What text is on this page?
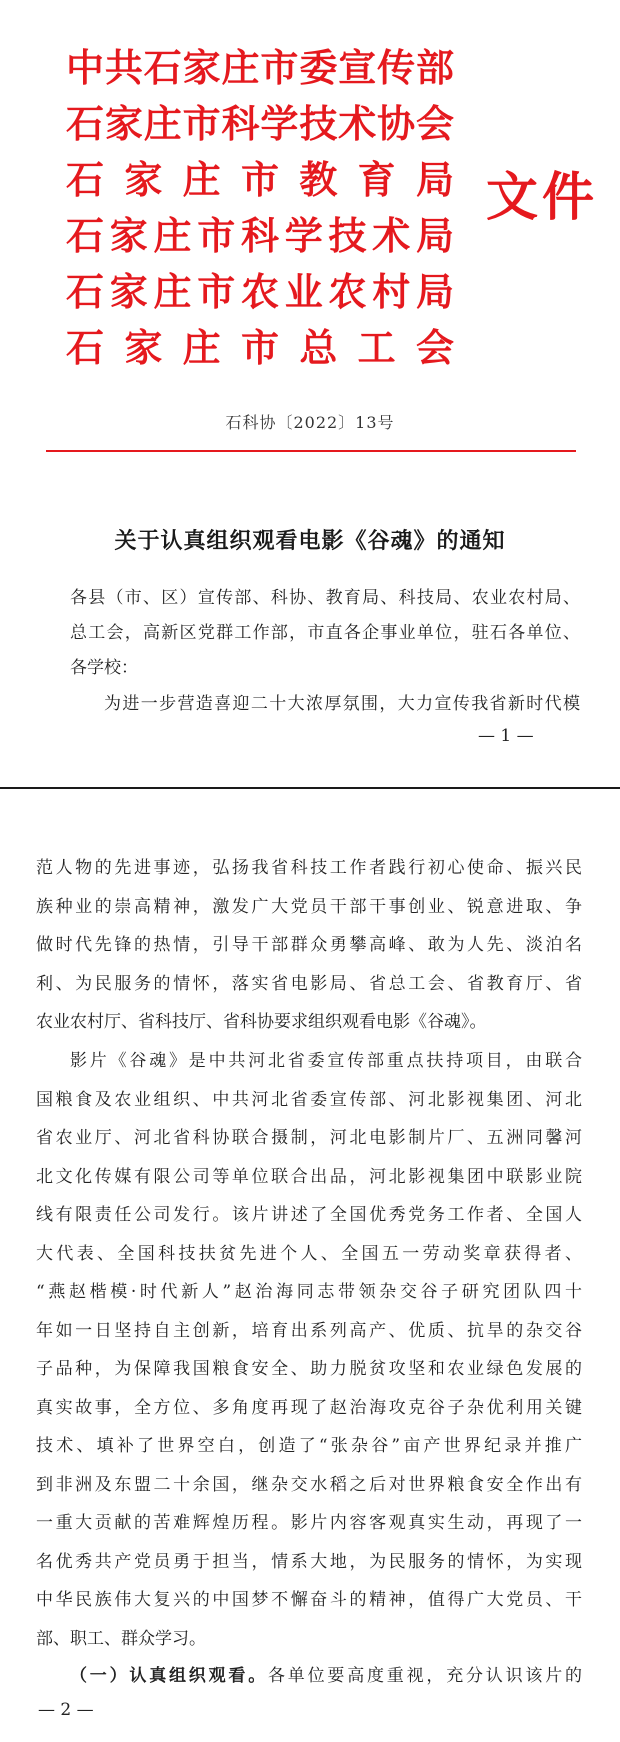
中共石家庄市委宣传部
石家庄市科学技术协会
石家庄市教育局
石家庄市科学技术局
石家庄市农业农村局
石家庄市总工会
文件
石科协〔2022〕13号
关于认真组织观看电影《谷魂》的通知
各县（市、区）宣传部、科协、教育局、科技局、农业农村局、
总工会，高新区党群工作部，市直各企事业单位，驻石各单位、
各学校：
为进一步营造喜迎二十大浓厚氛围，大力宣传我省新时代模
— 1 —
范人物的先进事迹，弘扬我省科技工作者践行初心使命、振兴民
族种业的崇高精神，激发广大党员干部干事创业、锐意进取、争
做时代先锋的热情，引导干部群众勇攀高峰、敢为人先、淡泊名
利、为民服务的情怀，落实省电影局、省总工会、省教育厅、省
农业农村厅、省科技厅、省科协要求组织观看电影《谷魂》。
影片《谷魂》是中共河北省委宣传部重点扶持项目，由联合
国粮食及农业组织、中共河北省委宣传部、河北影视集团、河北
省农业厅、河北省科协联合摄制，河北电影制片厂、五洲同馨河
北文化传媒有限公司等单位联合出品，河北影视集团中联影业院
线有限责任公司发行。该片讲述了全国优秀党务工作者、全国人
大代表、全国科技扶贫先进个人、全国五一劳动奖章获得者、
“燕赵楷模·时代新人”赵治海同志带领杂交谷子研究团队四十
年如一日坚持自主创新，培育出系列高产、优质、抗旱的杂交谷
子品种，为保障我国粮食安全、助力脱贫攻坚和农业绿色发展的
真实故事，全方位、多角度再现了赵治海攻克谷子杂优利用关键
技术、填补了世界空白，创造了“张杂谷”亩产世界纪录并推广
到非洲及东盟二十余国，继杂交水稻之后对世界粮食安全作出有
一重大贡献的苦难辉煌历程。影片内容客观真实生动，再现了一
名优秀共产党员勇于担当，情系大地，为民服务的情怀，为实现
中华民族伟大复兴的中国梦不懈奋斗的精神，值得广大党员、干
部、职工、群众学习。
（一）认真组织观看。各单位要高度重视，充分认识该片的
— 2 —
